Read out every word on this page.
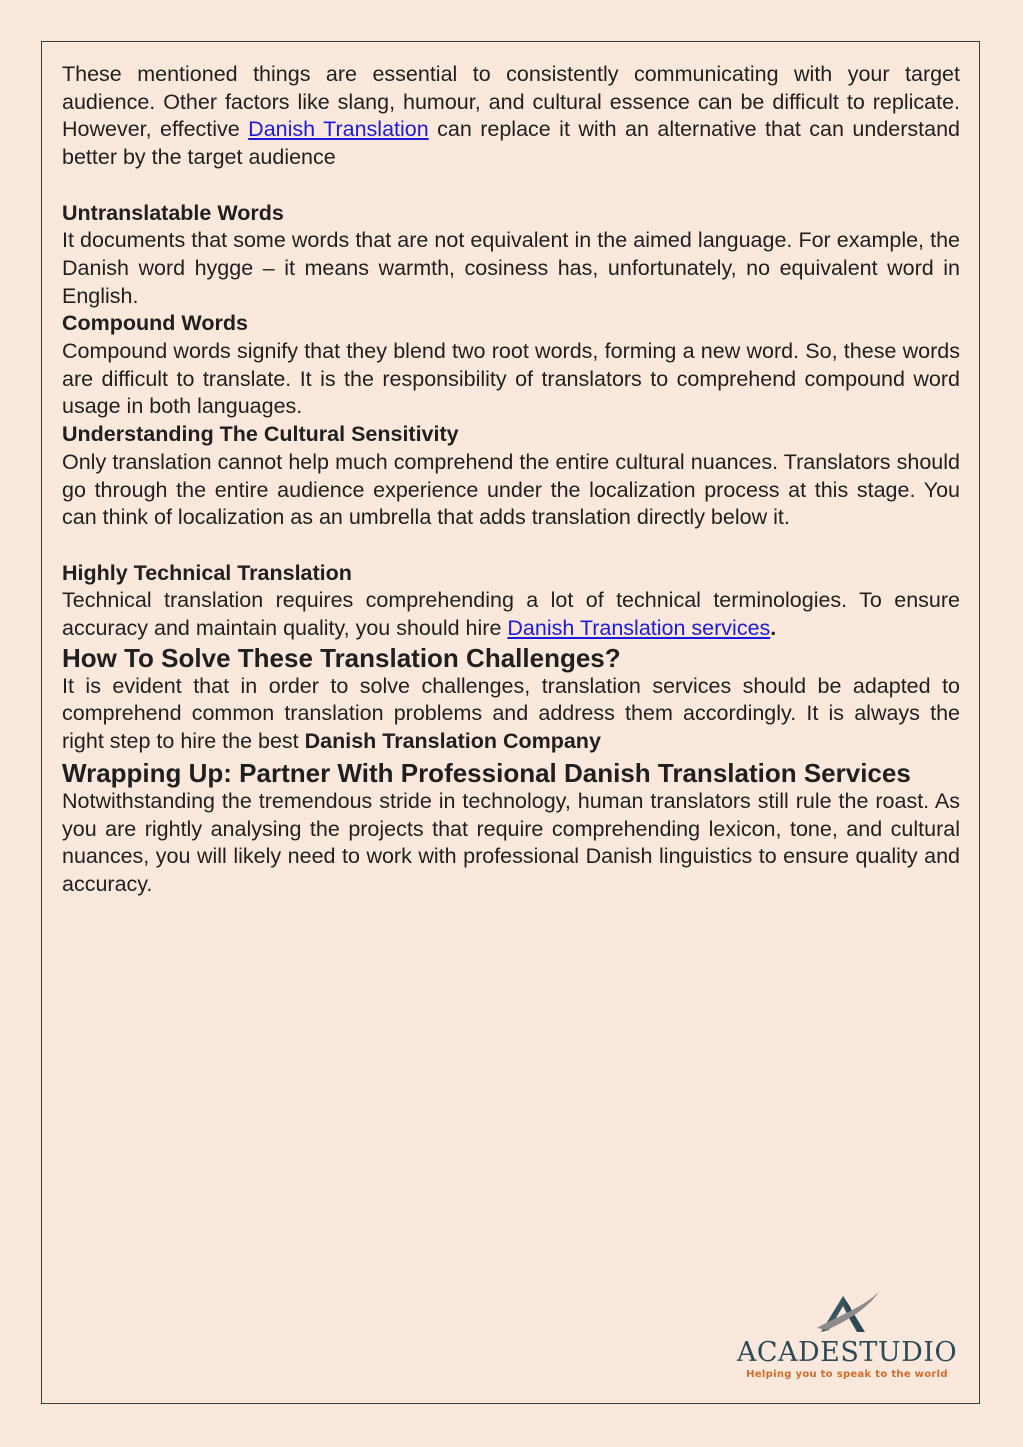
These mentioned things are essential to consistently communicating with your target audience. Other factors like slang, humour, and cultural essence can be difficult to replicate. However, effective Danish Translation can replace it with an alternative that can understand better by the target audience

Untranslatable Words

It documents that some words that are not equivalent in the aimed language. For example, the Danish word hygge – it means warmth, cosiness has, unfortunately, no equivalent word in English.

Compound Words

Compound words signify that they blend two root words, forming a new word. So, these words are difficult to translate. It is the responsibility of translators to comprehend compound word usage in both languages.

Understanding The Cultural Sensitivity

Only translation cannot help much comprehend the entire cultural nuances. Translators should go through the entire audience experience under the localization process at this stage. You can think of localization as an umbrella that adds translation directly below it.

Highly Technical Translation

Technical translation requires comprehending a lot of technical terminologies. To ensure accuracy and maintain quality, you should hire Danish Translation services.

How To Solve These Translation Challenges?

It is evident that in order to solve challenges, translation services should be adapted to comprehend common translation problems and address them accordingly. It is always the right step to hire the best Danish Translation Company

Wrapping Up: Partner With Professional Danish Translation Services

Notwithstanding the tremendous stride in technology, human translators still rule the roast. As you are rightly analysing the projects that require comprehending lexicon, tone, and cultural nuances, you will likely need to work with professional Danish linguistics to ensure quality and accuracy.

ACADESTUDIO
Helping you to speak to the world
